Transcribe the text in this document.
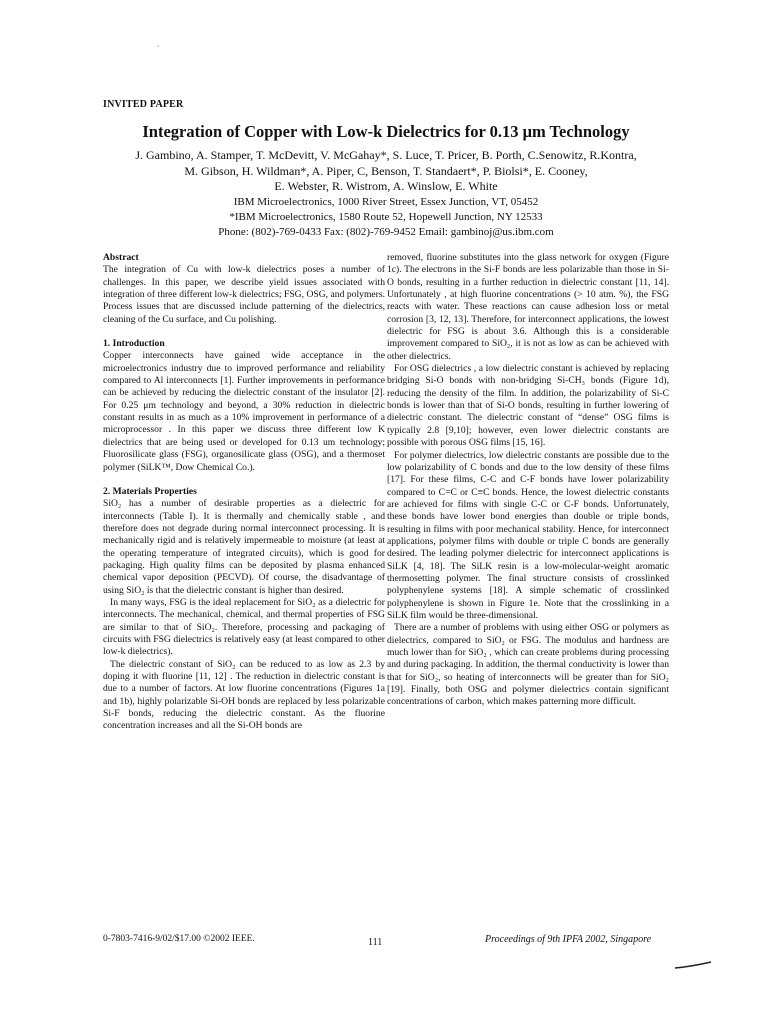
‧
INVITED PAPER

Integration of Copper with Low-k Dielectrics for 0.13 μm Technology

J. Gambino, A. Stamper, T. McDevitt, V. McGahay*, S. Luce, T. Pricer, B. Porth, C.Senowitz, R.Kontra,

M. Gibson, H. Wildman*, A. Piper, C, Benson, T. Standaert*, P. Biolsi*, E. Cooney,

E. Webster, R. Wistrom, A. Winslow, E. White

IBM Microelectronics, 1000 River Street, Essex Junction, VT, 05452

*IBM Microelectronics, 1580 Route 52, Hopewell Junction, NY 12533

Phone: (802)-769-0433 Fax: (802)-769-9452 Email: gambinoj@us.ibm.com

Abstract

The integration of Cu with low-k dielectrics poses a number of challenges. In this paper, we describe yield issues associated with integration of three different low-k dielectrics; FSG, OSG, and polymers. Process issues that are discussed include patterning of the dielectrics, cleaning of the Cu surface, and Cu polishing.

1. Introduction

Copper interconnects have gained wide acceptance in the microelectronics industry due to improved performance and reliability compared to Al interconnects [1]. Further improvements in performance can be achieved by reducing the dielectric constant of the insulator [2]. For 0.25 μm technology and beyond, a 30% reduction in dielectric constant results in as much as a 10% improvement in performance of a microprocessor . In this paper we discuss three different low K dielectrics that are being used or developed for 0.13 um technology; Fluorosilicate glass (FSG), organosilicate glass (OSG), and a thermoset polymer (SiLK™, Dow Chemical Co.).

2. Materials Properties

SiO₂ has a number of desirable properties as a dielectric for interconnects (Table I). It is thermally and chemically stable , and therefore does not degrade during normal interconnect processing. It is mechanically rigid and is relatively impermeable to moisture (at least at the operating temperature of integrated circuits), which is good for packaging. High quality films can be deposited by plasma enhanced chemical vapor deposition (PECVD). Of course, the disadvantage of using SiO₂ is that the dielectric constant is higher than desired.

In many ways, FSG is the ideal replacement for SiO₂ as a dielectric for interconnects. The mechanical, chemical, and thermal properties of FSG are similar to that of SiO₂. Therefore, processing and packaging of circuits with FSG dielectrics is relatively easy (at least compared to other low-k dielectrics).

The dielectric constant of SiO₂ can be reduced to as low as 2.3 by doping it with fluorine [11, 12] . The reduction in dielectric constant is due to a number of factors. At low fluorine concentrations (Figures 1a and 1b), highly polarizable Si-OH bonds are replaced by less polarizable Si-F bonds, reducing the dielectric constant. As the fluorine concentration increases and all the Si-OH bonds are

removed, fluorine substitutes into the glass network for oxygen (Figure 1c). The electrons in the Si-F bonds are less polarizable than those in Si-O bonds, resulting in a further reduction in dielectric constant [11, 14]. Unfortunately , at high fluorine concentrations (> 10 atm. %), the FSG reacts with water. These reactions can cause adhesion loss or metal corrosion [3, 12, 13]. Therefore, for interconnect applications, the lowest dielectric for FSG is about 3.6. Although this is a considerable improvement compared to SiO₂, it is not as low as can be achieved with other dielectrics.

For OSG dielectrics , a low dielectric constant is achieved by replacing bridging Si-O bonds with non-bridging Si-CH₃ bonds (Figure 1d), reducing the density of the film. In addition, the polarizability of Si-C bonds is lower than that of Si-O bonds, resulting in further lowering of dielectric constant. The dielectric constant of “dense” OSG films is typically 2.8 [9,10]; however, even lower dielectric constants are possible with porous OSG films [15, 16].

For polymer dielectrics, low dielectric constants are possible due to the low polarizability of C bonds and due to the low density of these films [17]. For these films, C-C and C-F bonds have lower polarizability compared to C=C or C≡C bonds. Hence, the lowest dielectric constants are achieved for films with single C-C or C-F bonds. Unfortunately, these bonds have lower bond energies than double or triple bonds, resulting in films with poor mechanical stability. Hence, for interconnect applications, polymer films with double or triple C bonds are generally desired. The leading polymer dielectric for interconnect applications is SiLK [4, 18]. The SiLK resin is a low-molecular-weight aromatic thermosetting polymer. The final structure consists of crosslinked polyphenylene systems [18]. A simple schematic of crosslinked polyphenylene is shown in Figure 1e. Note that the crosslinking in a SiLK film would be three-dimensional.

There are a number of problems with using either OSG or polymers as dielectrics, compared to SiO₂ or FSG. The modulus and hardness are much lower than for SiO₂ , which can create problems during processing and during packaging. In addition, the thermal conductivity is lower than that for SiO₂, so heating of interconnects will be greater than for SiO₂ [19]. Finally, both OSG and polymer dielectrics contain significant concentrations of carbon, which makes patterning more difficult.

0-7803-7416-9/02/$17.00 ©2002 IEEE.	111	Proceedings of 9th IPFA 2002, Singapore
